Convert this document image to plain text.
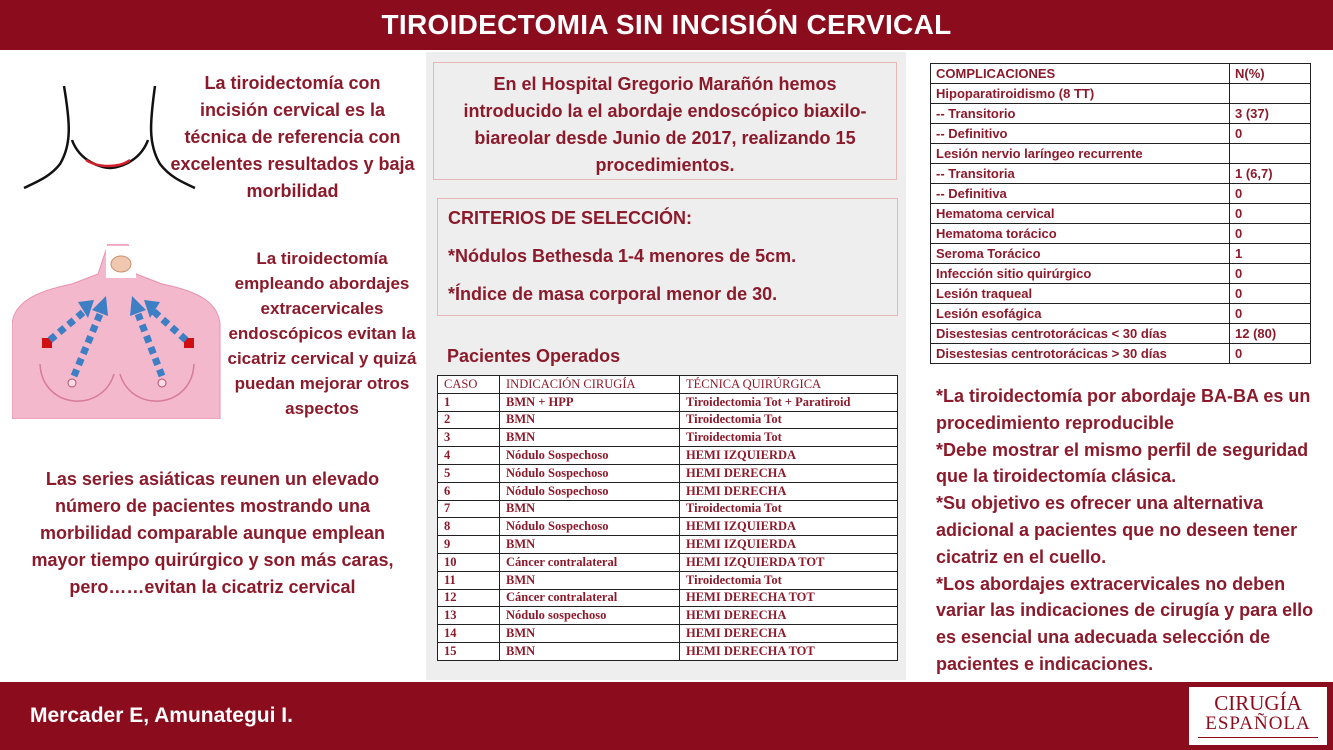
TIROIDECTOMIA SIN INCISIÓN CERVICAL
La tiroidectomía con incisión cervical es la técnica de referencia con excelentes resultados y baja morbilidad
La tiroidectomía empleando abordajes extracervicales endoscópicos evitan la cicatriz cervical y quizá puedan mejorar otros aspectos
Las series asiáticas reunen un elevado número de pacientes mostrando una morbilidad comparable aunque emplean mayor tiempo quirúrgico y son más caras, pero……evitan la cicatriz cervical
En el Hospital Gregorio Marañón hemos introducido la el abordaje endoscópico biaxilo-biareolar desde Junio de 2017, realizando 15 procedimientos.
CRITERIOS DE SELECCIÓN:
*Nódulos Bethesda 1-4 menores de 5cm.
*Índice de masa corporal menor de 30.
Pacientes Operados
CASO	INDICACIÓN CIRUGÍA	TÉCNICA QUIRÚRGICA
1	BMN + HPP	Tiroidectomia Tot + Paratiroid
2	BMN	Tiroidectomia Tot
3	BMN	Tiroidectomia Tot
4	Nódulo Sospechoso	HEMI IZQUIERDA
5	Nódulo Sospechoso	HEMI DERECHA
6	Nódulo Sospechoso	HEMI DERECHA
7	BMN	Tiroidectomia Tot
8	Nódulo Sospechoso	HEMI IZQUIERDA
9	BMN	HEMI IZQUIERDA
10	Cáncer contralateral	HEMI IZQUIERDA TOT
11	BMN	Tiroidectomia Tot
12	Cáncer contralateral	HEMI DERECHA TOT
13	Nódulo sospechoso	HEMI DERECHA
14	BMN	HEMI DERECHA
15	BMN	HEMI DERECHA TOT
COMPLICACIONES	N(%)
Hipoparatiroidismo (8 TT)	
-- Transitorio	3 (37)
-- Definitivo	0
Lesión nervio laríngeo recurrente	
-- Transitoria	1 (6,7)
-- Definitiva	0
Hematoma cervical	0
Hematoma torácico	0
Seroma Torácico	1
Infección sitio quirúrgico	0
Lesión traqueal	0
Lesión esofágica	0
Disestesias centrotorácicas < 30 días	12 (80)
Disestesias centrotorácicas > 30 días	0

*La tiroidectomía por abordaje BA-BA es un procedimiento reproducible

*Debe mostrar el mismo perfil de seguridad que la tiroidectomía clásica.

*Su objetivo es ofrecer una alternativa adicional a pacientes que no deseen tener cicatriz en el cuello.

*Los abordajes extracervicales no deben variar las indicaciones de cirugía y para ello es esencial una adecuada selección de pacientes e indicaciones.

Mercader E, Amunategui I.
CIRUGÍA
ESPAÑOLA
